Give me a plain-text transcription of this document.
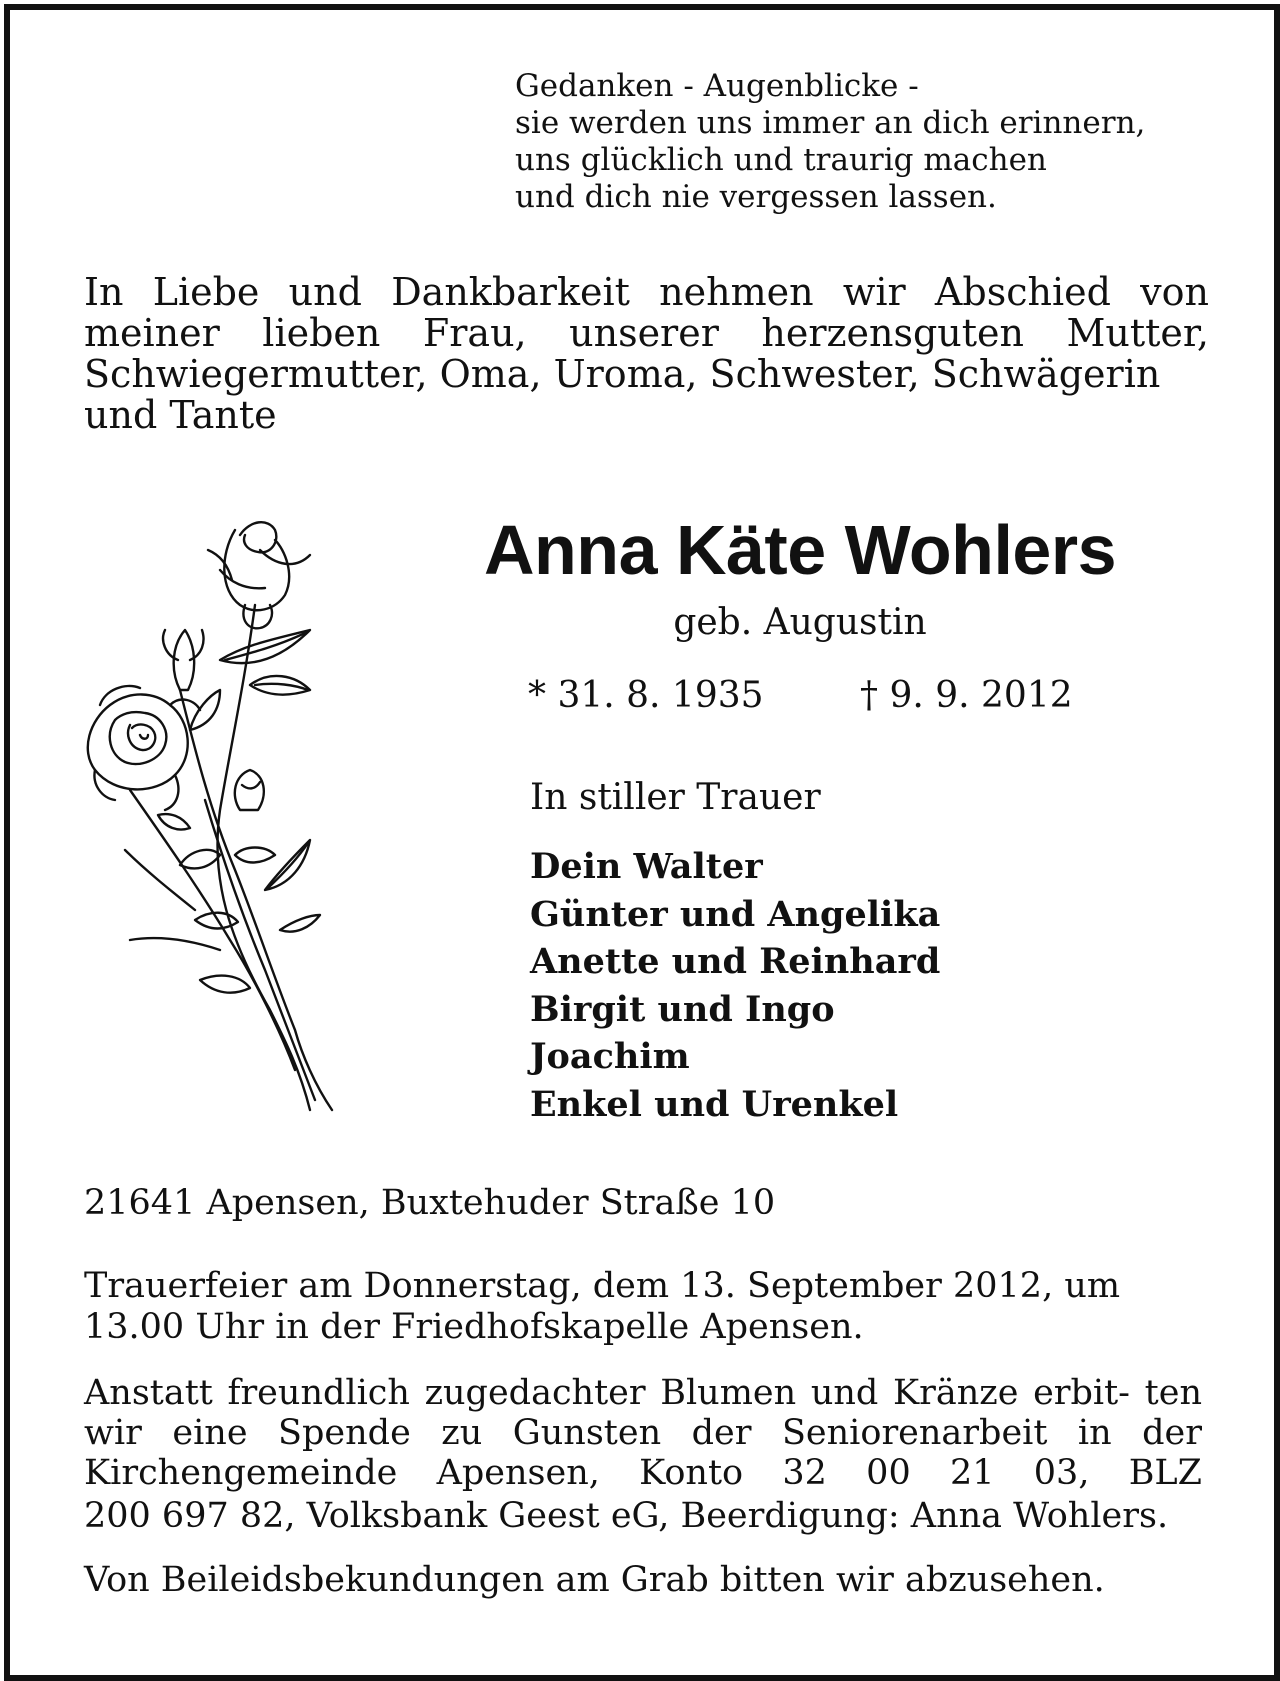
Gedanken - Augenblicke -
sie werden uns immer an dich erinnern,
uns glücklich und traurig machen
und dich nie vergessen lassen.
In Liebe und Dankbarkeit nehmen wir Abschied von meiner lieben Frau, unserer herzensguten Mutter, Schwiegermutter, Oma, Uroma, Schwester, Schwägerin
und Tante
Anna Käte Wohlers
geb. Augustin
* 31. 8. 1935	† 9. 9. 2012
In stiller Trauer
Dein Walter
Günter und Angelika
Anette und Reinhard
Birgit und Ingo
Joachim
Enkel und Urenkel
21641 Apensen, Buxtehuder Straße 10
Trauerfeier am Donnerstag, dem 13. September 2012, um
13.00 Uhr in der Friedhofskapelle Apensen.
Anstatt freundlich zugedachter Blumen und Kränze erbit- ten wir eine Spende zu Gunsten der Seniorenarbeit in der Kirchengemeinde Apensen, Konto 32 00 21 03, BLZ
200 697 82, Volksbank Geest eG, Beerdigung: Anna Wohlers.
Von Beileidsbekundungen am Grab bitten wir abzusehen.
